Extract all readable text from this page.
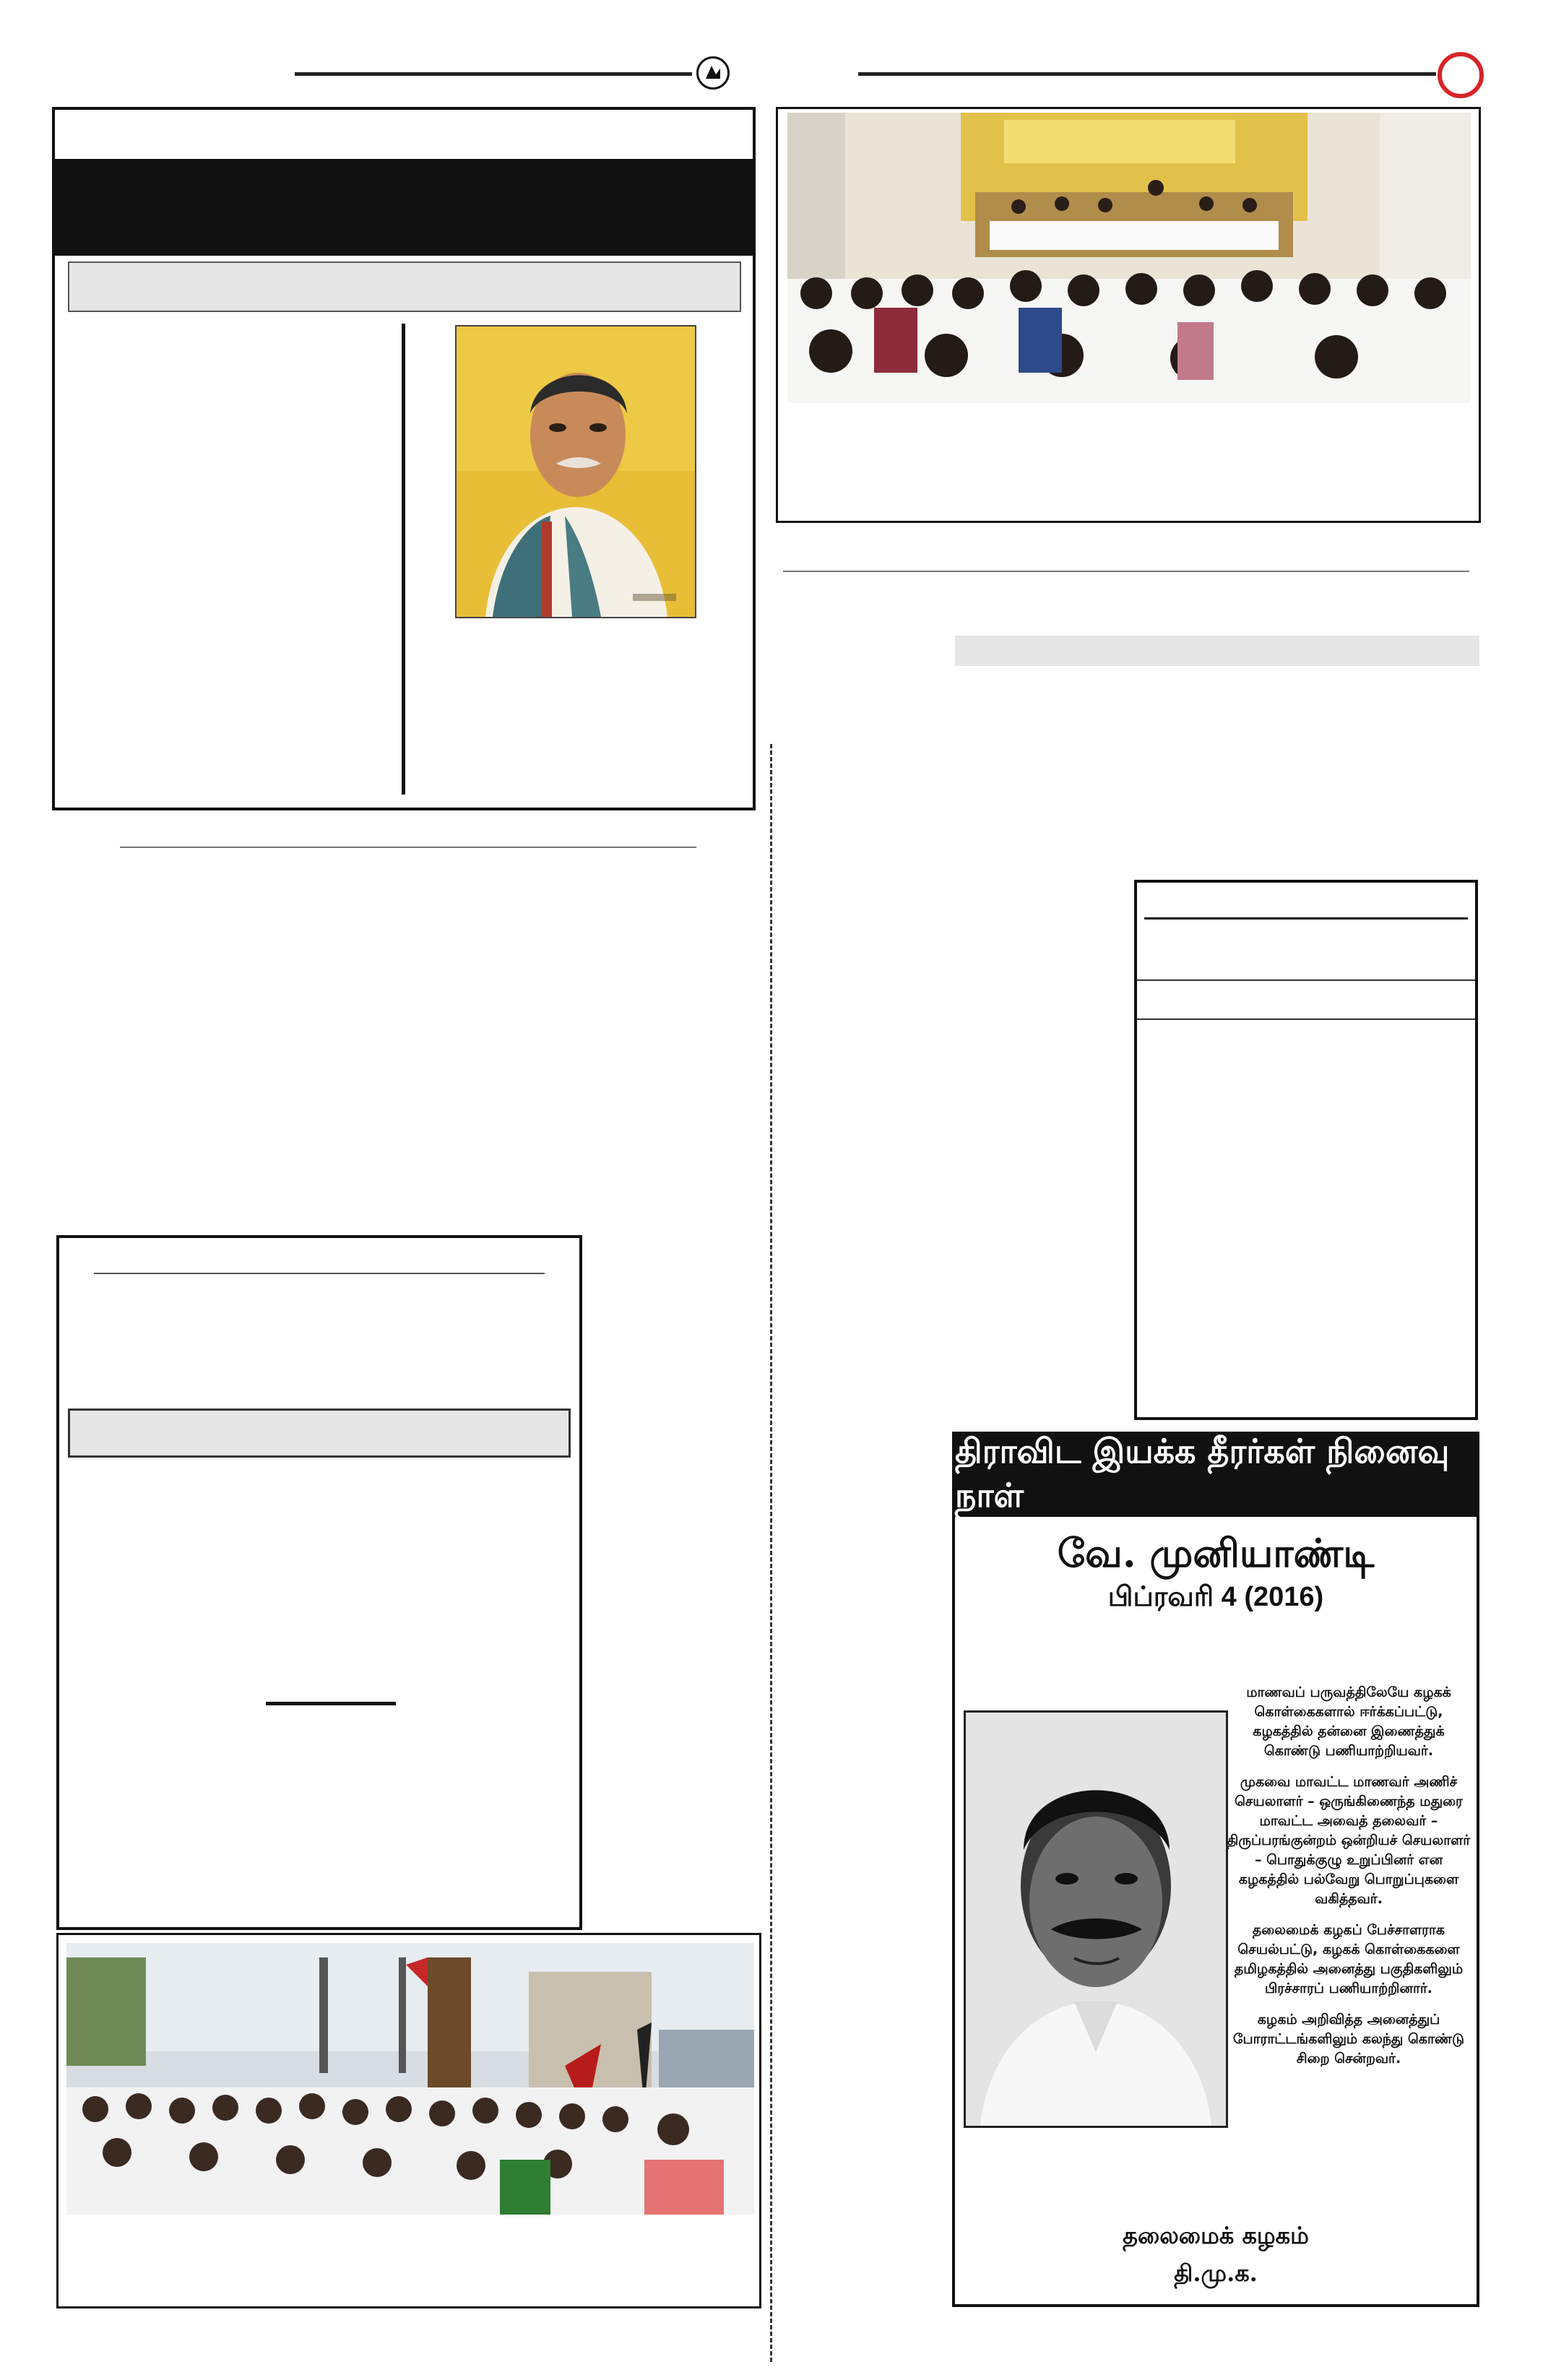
திராவிட இயக்க தீரர்கள் நினைவு நாள்
வே. முனியாண்டி
பிப்ரவரி 4 (2016)

மாணவப் பருவத்திலேயே கழகக் கொள்கைகளால் ஈர்க்கப்பட்டு, கழகத்தில் தன்னை இணைத்துக் கொண்டு பணியாற்றியவர்.

முகவை மாவட்ட மாணவர் அணிச் செயலாளர் – ஒருங்கிணைந்த மதுரை மாவட்ட அவைத் தலைவர் – திருப்பரங்குன்றம் ஒன்றியச் செயலாளர் – பொதுக்குழு உறுப்பினர் என கழகத்தில் பல்வேறு பொறுப்புகளை வகித்தவர்.

தலைமைக் கழகப் பேச்சாளராக செயல்பட்டு, கழகக் கொள்கைகளை தமிழகத்தில் அனைத்து பகுதிகளிலும் பிரச்சாரப் பணியாற்றினார்.

கழகம் அறிவித்த அனைத்துப் போராட்டங்களிலும் கலந்து கொண்டு சிறை சென்றவர்.

தலைமைக் கழகம்
தி.மு.க.
